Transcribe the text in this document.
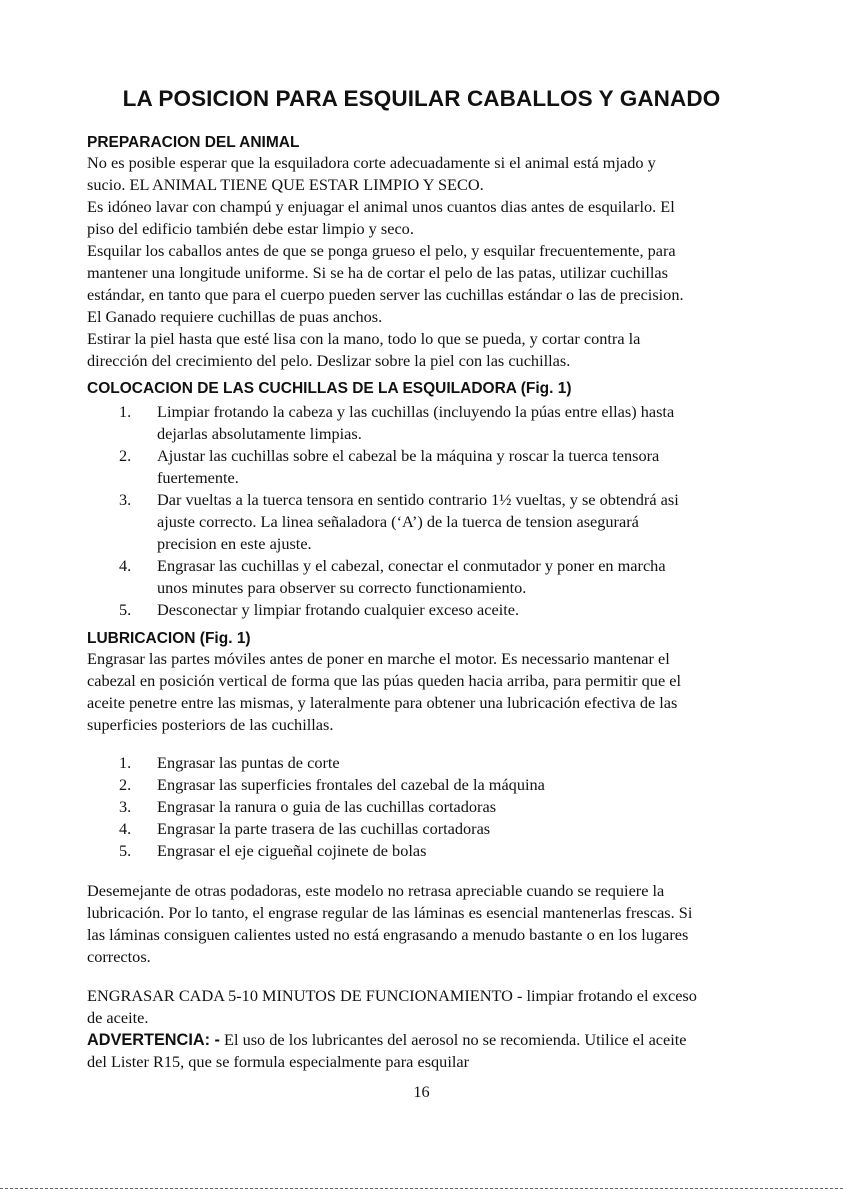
LA POSICION PARA ESQUILAR CABALLOS Y GANADO
PREPARACION DEL ANIMAL
No es posible esperar que la esquiladora corte adecuadamente si el animal está mjado y
sucio. EL ANIMAL TIENE QUE ESTAR LIMPIO Y SECO.
Es idóneo lavar con champú y enjuagar el animal unos cuantos dias antes de esquilarlo. El
piso del edificio también debe estar limpio y seco.
Esquilar los caballos antes de que se ponga grueso el pelo, y esquilar frecuentemente, para
mantener una longitude uniforme. Si se ha de cortar el pelo de las patas, utilizar cuchillas
estándar, en tanto que para el cuerpo pueden server las cuchillas estándar o las de precision.
El Ganado requiere cuchillas de puas anchos.
Estirar la piel hasta que esté lisa con la mano, todo lo que se pueda, y cortar contra la
dirección del crecimiento del pelo. Deslizar sobre la piel con las cuchillas.
COLOCACION DE LAS CUCHILLAS DE LA ESQUILADORA (Fig. 1)
1. Limpiar frotando la cabeza y las cuchillas (incluyendo la púas entre ellas) hasta
dejarlas absolutamente limpias.
2. Ajustar las cuchillas sobre el cabezal be la máquina y roscar la tuerca tensora
fuertemente.
3. Dar vueltas a la tuerca tensora en sentido contrario 1½ vueltas, y se obtendrá asi
ajuste correcto. La linea señaladora (‘A’) de la tuerca de tension asegurará
precision en este ajuste.
4. Engrasar las cuchillas y el cabezal, conectar el conmutador y poner en marcha
unos minutes para observer su correcto functionamiento.
5. Desconectar y limpiar frotando cualquier exceso aceite.
LUBRICACION (Fig. 1)
Engrasar las partes móviles antes de poner en marche el motor. Es necessario mantenar el
cabezal en posición vertical de forma que las púas queden hacia arriba, para permitir que el
aceite penetre entre las mismas, y lateralmente para obtener una lubricación efectiva de las
superficies posteriors de las cuchillas.
1. Engrasar las puntas de corte
2. Engrasar las superficies frontales del cazebal de la máquina
3. Engrasar la ranura o guia de las cuchillas cortadoras
4. Engrasar la parte trasera de las cuchillas cortadoras
5. Engrasar el eje cigueñal cojinete de bolas
Desemejante de otras podadoras, este modelo no retrasa apreciable cuando se requiere la
lubricación. Por lo tanto, el engrase regular de las láminas es esencial mantenerlas frescas. Si
las láminas consiguen calientes usted no está engrasando a menudo bastante o en los lugares
correctos.
ENGRASAR CADA 5-10 MINUTOS DE FUNCIONAMIENTO - limpiar frotando el exceso
de aceite.
ADVERTENCIA: - El uso de los lubricantes del aerosol no se recomienda. Utilice el aceite
del Lister R15, que se formula especialmente para esquilar
16
